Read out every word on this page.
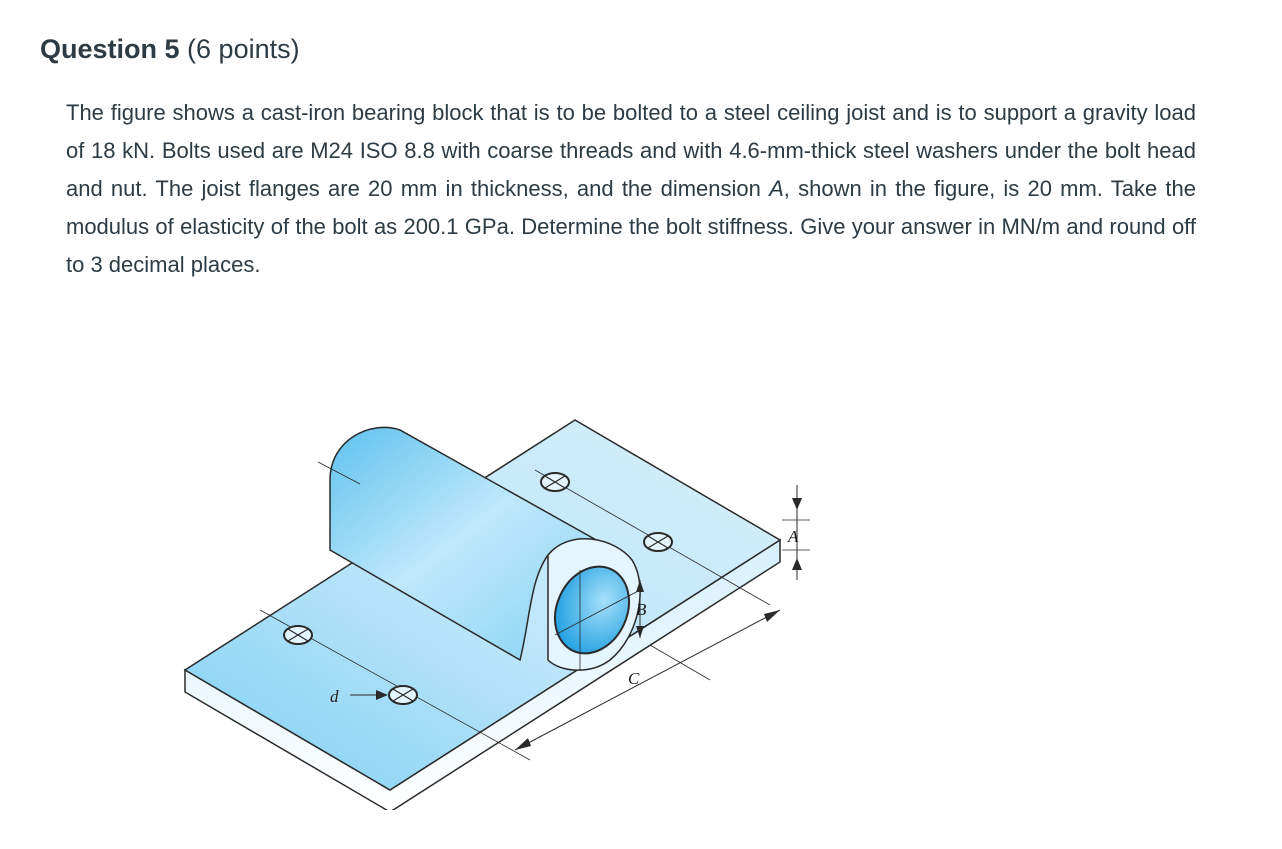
Question 5 (6 points)

The figure shows a cast-iron bearing block that is to be bolted to a steel ceiling joist and is to support a gravity load of 18 kN. Bolts used are M24 ISO 8.8 with coarse threads and with 4.6-mm-thick steel washers under the bolt head and nut. The joist flanges are 20 mm in thickness, and the dimension A, shown in the figure, is 20 mm. Take the modulus of elasticity of the bolt as 200.1 GPa. Determine the bolt stiffness. Give your answer in MN/m and round off to 3 decimal places.

A
B
C
d
